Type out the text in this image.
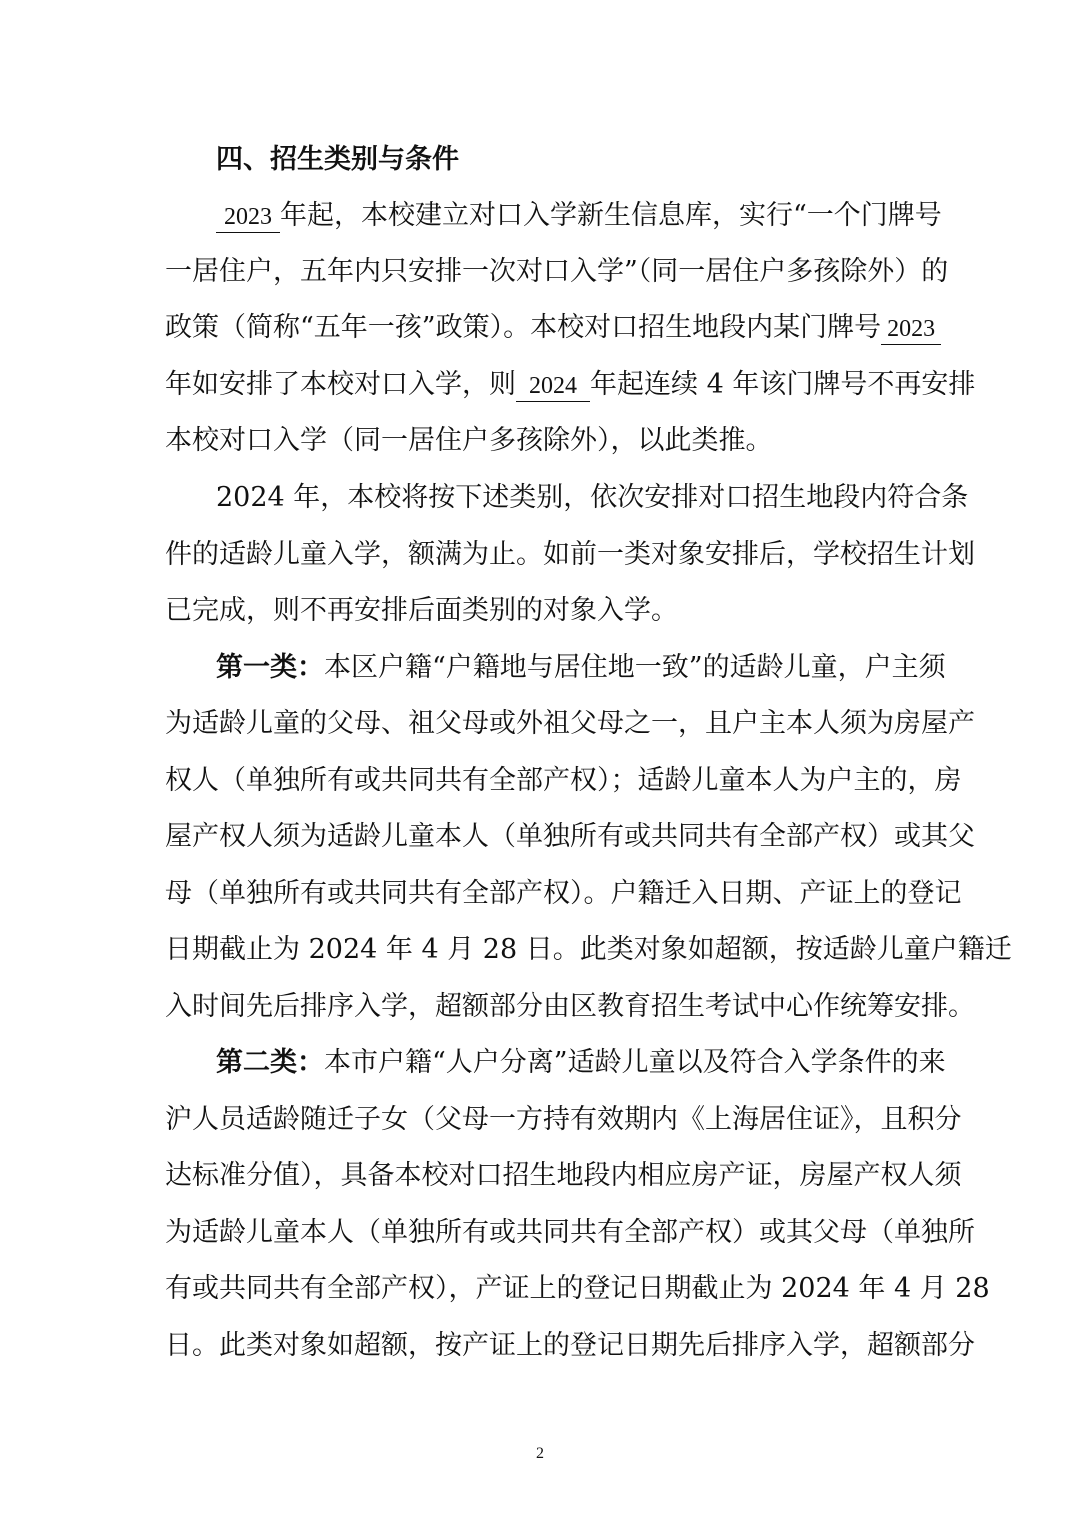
四、招生类别与条件
2023 年起，本校建立对口入学新生信息库，实行“一个门牌号
一居住户，五年内只安排一次对口入学”（同一居住户多孩除外）的
政策（简称“五年一孩”政策）。本校对口招生地段内某门牌号 2023
年如安排了本校对口入学，则 2024 年起连续 4 年该门牌号不再安排
本校对口入学（同一居住户多孩除外），以此类推。
2024 年，本校将按下述类别，依次安排对口招生地段内符合条
件的适龄儿童入学，额满为止。如前一类对象安排后，学校招生计划
已完成，则不再安排后面类别的对象入学。
第一类：本区户籍“户籍地与居住地一致”的适龄儿童，户主须
为适龄儿童的父母、祖父母或外祖父母之一，且户主本人须为房屋产
权人（单独所有或共同共有全部产权）；适龄儿童本人为户主的，房
屋产权人须为适龄儿童本人（单独所有或共同共有全部产权）或其父
母（单独所有或共同共有全部产权）。户籍迁入日期、产证上的登记
日期截止为 2024 年 4 月 28 日。此类对象如超额，按适龄儿童户籍迁
入时间先后排序入学，超额部分由区教育招生考试中心作统筹安排。
第二类：本市户籍“人户分离”适龄儿童以及符合入学条件的来
沪人员适龄随迁子女（父母一方持有效期内《上海居住证》，且积分
达标准分值），具备本校对口招生地段内相应房产证，房屋产权人须
为适龄儿童本人（单独所有或共同共有全部产权）或其父母（单独所
有或共同共有全部产权），产证上的登记日期截止为 2024 年 4 月 28
日。此类对象如超额，按产证上的登记日期先后排序入学，超额部分
2
